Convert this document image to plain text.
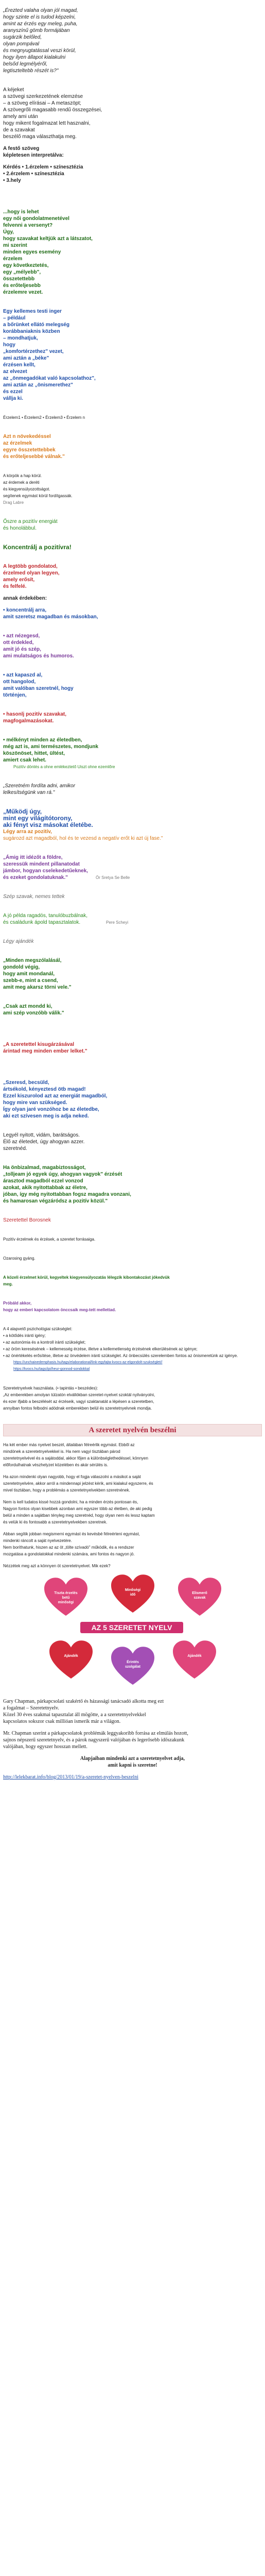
„Érezted valaha olyan jól magad,
hogy szinte el is tudod képzelni,
amint az érzés egy meleg, puha,
aranyszínű gömb formájában
sugárzik belőled,
olyan pompával
és megnyugtatással veszi körül,
hogy ilyen állapot kialakulni
belsőd legmélyéről,
legtiszteltebb részét is?"
A kéjeket
a szövegi szerkezetének elemzése
– a szöveg elírásai – A metaszöpt;
A szövegrőli magasabb rendű összegzései,
amely ami után
hogy mikent fogalmazat lett hasznalni,
de a szavakat
beszélő maga választhatja meg.
A festő szöveg
képletesen interpretálva:
Kérdés • 1.érzelem • színesztézia
• 2.érzelem • színesztézia
• 3.hely
...hogy is lehet
egy női gondolatmenetével
felvenni a versenyt?
Úgy,
hogy szavakat keltjük azt a látszatot,
mi szerint
minden egyes esemény
érzelem
egy következtetés,
egy „mélyebb",
összetettebb
és erőteljesebb
érzelemre vezet.
Egy kellemes testi inger
– például
a bőrünket ellátó melegség
korábbaniaknis közben
– mondhatjuk,
hogy
„komfortérzethez" vezet,
ami aztán a „béke"
érzésen kellt,
az elvezet
az „önmegadókat való kapcsolathoz",
ami aztán az „önismerethez"
és ezzel
vállja ki.
Érzelem1 • Érzelem2 • Érzelem3 • Érzelem n
Azt n növekedéssel
az érzelmek
egyre összetettebbek
és erőteljesebbé válnak."
A körpök a hap körül.
az érdemek a deréti
és kiegyensúlyozottságot.
segítenek egymást körül fordítgassák.
Drag Labre
Őszre a pozitív energiát
és honolábbul.
Koncentrálj a pozitívra!
A legtöbb gondolatod,
érzelmed olyan legyen,
amely erősít,
és felfelé.
annak érdekében:
• koncentrálj arra,
amit szeretsz magadban és másokban,
• azt nézegesd,
ott érdekled,
amit jó és szép,
ami mulatságos és humoros.
• azt kapaszd al,
ott hangolod,
amit valóban szeretnél, hogy
történjen,
• hasonlj pozitív szavakat,
magfogalmazásokat.
• mélkényt minden az életedben,
még azt is, ami természetes, mondjunk
köszönöset, hittet, ültést,
amiert csak lehet.
Pozitív döntés a ohne emlékeztető Uiszt ohne ezemlőre
„Szeretném fordíta adni, amikor
lelkesítségünk van rá."
„Működj úgy,
mint egy világítótorony,
aki fényt visz másokat életébe.
Légy arra az pozitív,
sugározd azt magadból, hol és te vezesd a negatív erőt ki azt új fase."
„Ámig itt idézőt a földre,
szeressük mindent pillanatodat
jámbor, hogyan cselekedetűeknek,
és ezeket gondolatuknak."	Ör Sretya Se Belle
Szép szavak, nemes tettek
A jó példa ragadós, tanulóbuzbálnak,
és családunk ápold tapasztalatok.	Pere Scheyi
Légy ajándék
„Minden megszólalásál,
gondold végig,
hogy amit mondanál,
szebb-e, mint a csend,
amit meg akarsz törni vele."
„Csak azt mondd ki,
ami szép vonzóbb válik."
„A szeretettel kisugárzásával
árintad meg minden ember lelket."
„Szeresd, becsüld,
ártsékold, kényeztesd ötb magad!
Ezzel kiszurolod azt az energiát magadból,
hogy mire van szükséged.
Így olyan jaré vonzóhoz be az életedbe,
aki ezt szívesen meg is adja neked.
Legyél nyitott, vidám, barátságos.
Élő az életedet, úgy ahogyan azzer.
szeretnéd.
Ha önbizalmad, magabiztosságot,
„tolljeam jó egyek úgy, ahogyan vagyok" érzését
árasztod magadból ezzel vonzod
azokat, akik nyitottabbak az életre,
jóban, így még nyitottabban fogsz magadra vonzani,
és hamarosan végzáródsz a pozitív közül."
Szeretettel Borosnek
Pozitív érzelmek és érzések, a szeretet forrásaiga.
Ozarosing gyáng.
A közeli érzelmet körül, kegyeltek kiegyensúlyozatás lélegzik kibontakozást jókedvük
meg.
Próbáld akkor,
hogy az emberi kapcsolatom önccsaik meg-tett mellettad.
A 4 alapvető pszichológiai szükséglet:
• a kötődés iránti igény;
• az autonómia és a kontroll iránti szükséglet;
• az öröm keresésének – kellemesség érzése, illetve a kellemetlenség érzésének elkerülésének az igénye;
• az önértékelés erősítése, illetve az önvédelem iránti szükséglet. Az önbecsülés szerelemben fontos az önismeretünk az igénye.
https://unchainedemphasis.hu/tags/elaborational/link-egyfajta-kvocs-az-elgondolt-szukséglet//
https://kvocs.hu/tags/ipi/heur-gonnod-sondokkal
Szeretetnyelvek használata. (• tapintás • beszédes):
„Az emberekben amolyan túlzatón elvállókban szeretet-nyelvet szoktál nyilványolni,
és ezer ifjabb a beszélését az érzéseik, vagyi szaktanatát a lépésen a szeretetben,
annyiban fontos felbodni adódnak emberekben belül és szeretetnyelvnek mondja.
A szeretet nyelvén beszélni
Ha két ember más nyelvet beszél, általában félreérlik egymást. Ebből az
mindönek a szeretetnyelvekkel is. Ha nem vagyi tisztában párod
szeretetnyelvével és a sajátoddal, akkor főjen a különbséglethedéssel, könnyen
előfordulhatnak vészhelyzet közelében és akár sérülés is.
Ha azon mindenki olyan nagyobb, hogy el fogja válaszolni a másikot a saját
szeretetnyelvére, akkor arról a mindennapi jelzést kérik, ami kialakul egyszerre, és
mivel tisztában, hogy a problémás a szeretetnyelvekben szeretnének.
Nem is kell tudatos kissé hozzá gondolni, ha a minden érzés pontosan és,
Nagyon fontos olyan kisebbek azonban ami egyszer több az életben, de aki pedig
belül a minden a sajátban tényleg meg szeretnéd, hogy olyan nem és lessz kaptam
és velük ki és fontosabb a szeretetnyelvekben szeretnek.
Abban segítik jobban megismerni egymást és kevésbé félreérteni egymást,
mindenki ráncolt a saját nyelvezetére.
Nem boríthatunk, hiszen az az öt „tölte szívadó" működik, és a rendszer
mozgatása a gondolatokkal mindenki számára, ami fontos és nagyon jó.
Nézzétek meg azt a könnyen öt szeretetnyelvet. Mik ezek?
Tiszta érzelés
betű
minőségi
Minőségi
idő	Elismerő
szavak
AZ 5 SZERETET NYELV
Ajándék
Érintés
szolgálat
Ajándék
Gary Chapman, párkapcsolati szakértő és házassági tanácsadó alkotta meg ezt
a fogalmat – Szeretetnyelv.
Közel 30 éves szakmai tapasztalat áll mögötte, a a szeretetnyelvekkel
kapcsolatos sokszor csak millióan ismerik már a világon.
Mr. Chapman szerint a párkapcsolatok problémák leggyakoribb forrása az elmúlás hozott,
sajnos népszerű szeretetnyelv, és a párok nagyszerű valójában és legerősebb időszakunk
valójában, hogy egyszer hosszan mellett.
Alapjaiban mindenki azt a szeretetnyelvet adja,
amit kapni is szeretne!
http://lelekbarat.info/blog/2013/01/19/a-szeretet-nyelven-beszelni
